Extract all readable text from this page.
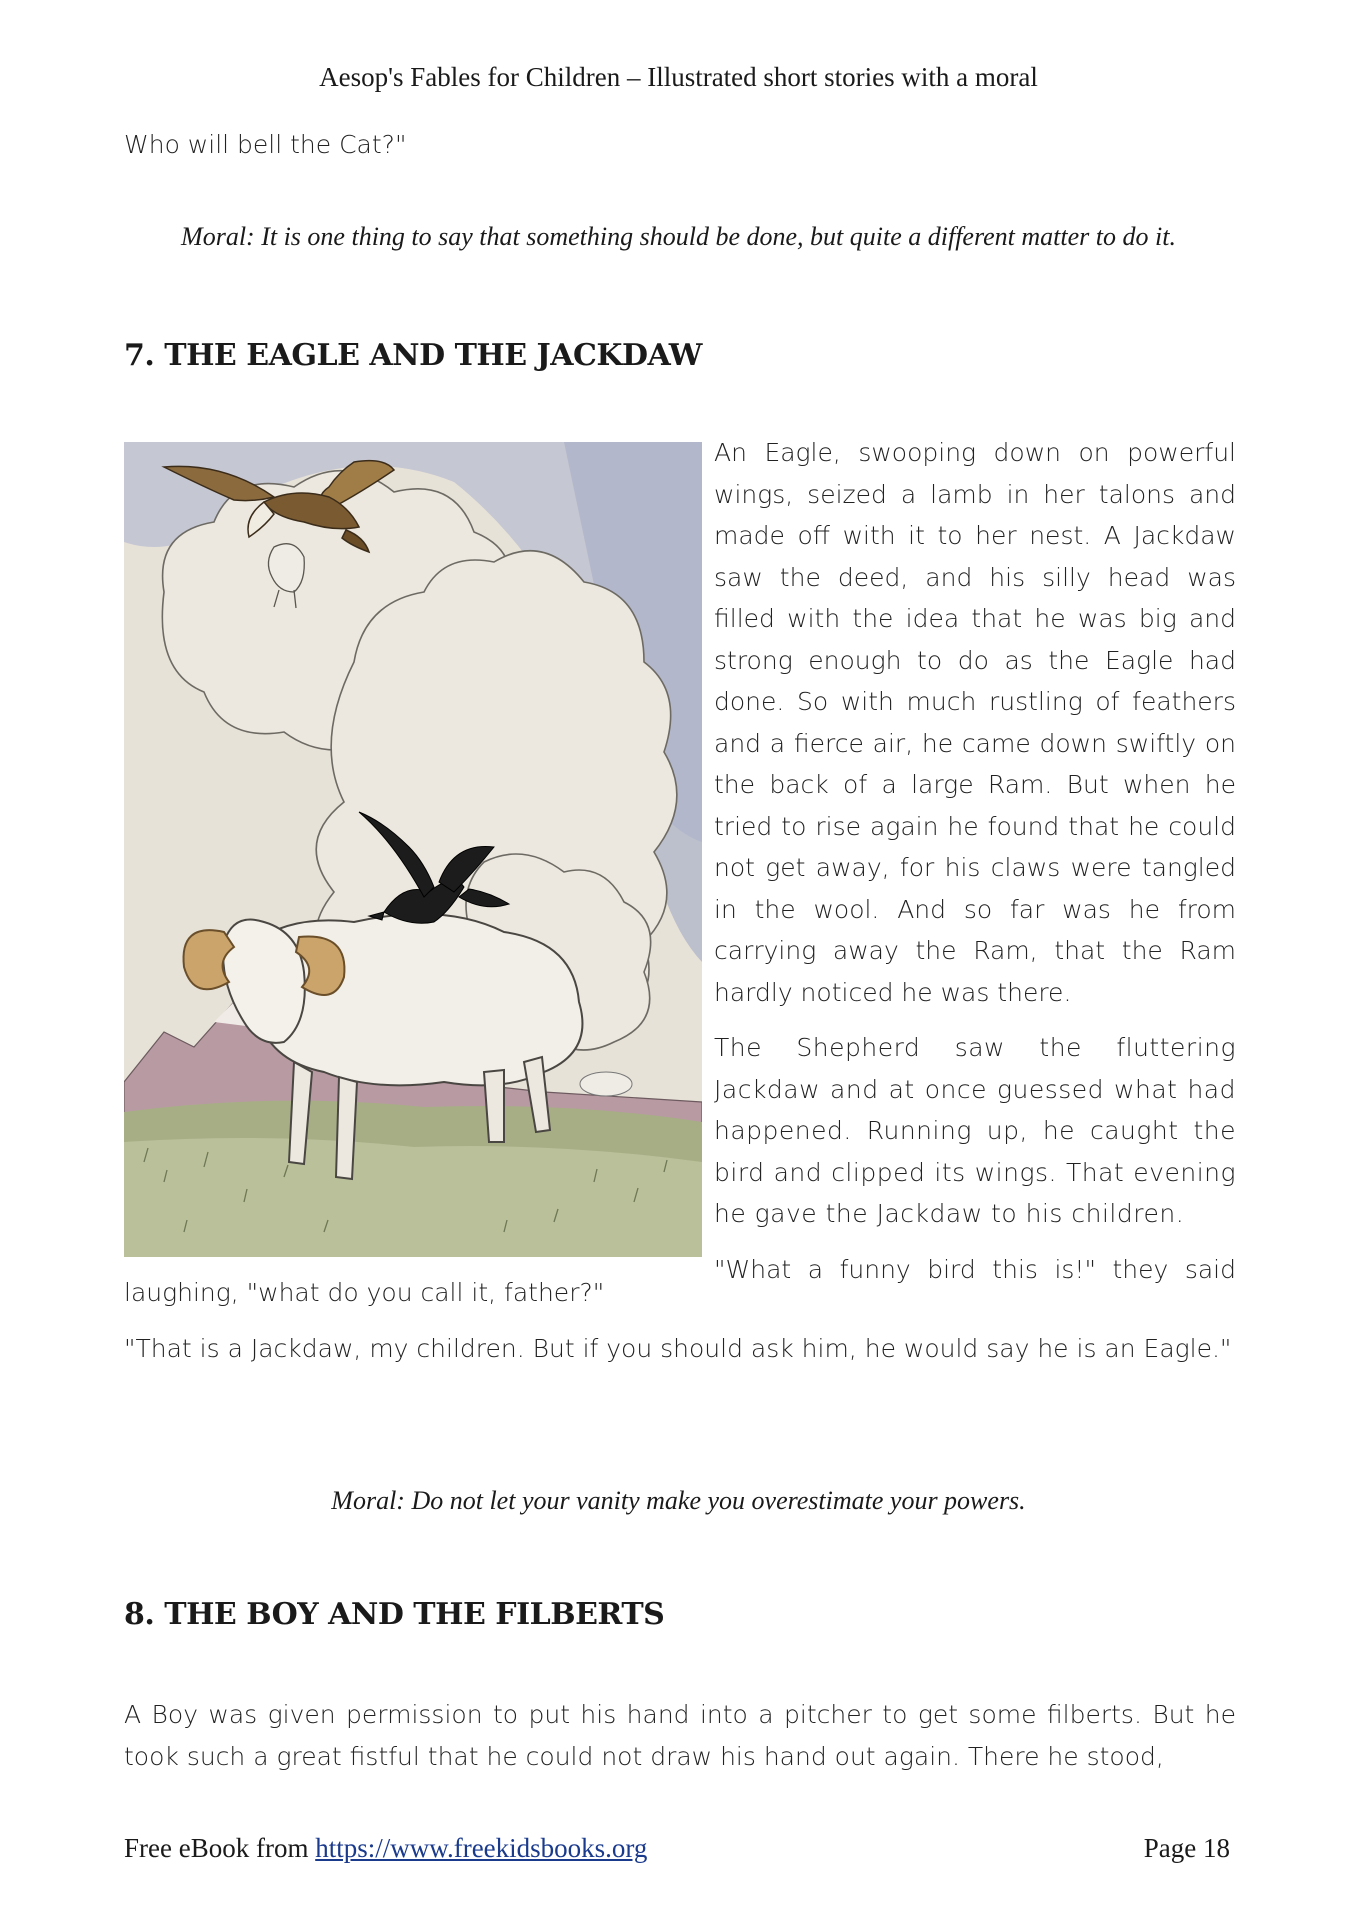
Aesop's Fables for Children – Illustrated short stories with a moral
Who will bell the Cat?"
Moral: It is one thing to say that something should be done, but quite a different matter to do it.
7. THE EAGLE AND THE JACKDAW

An Eagle, swooping down on powerful wings, seized a lamb in her talons and made off with it to her nest. A Jackdaw saw the deed, and his silly head was filled with the idea that he was big and strong enough to do as the Eagle had done. So with much rustling of feathers and a fierce air, he came down swiftly on the back of a large Ram. But when he tried to rise again he found that he could not get away, for his claws were tangled in the wool. And so far was he from carrying away the Ram, that the Ram hardly noticed he was there.

The Shepherd saw the fluttering Jackdaw and at once guessed what had happened. Running up, he caught the bird and clipped its wings. That evening he gave the Jackdaw to his children.

"What a funny bird this is!" they said

laughing, "what do you call it, father?"
"That is a Jackdaw, my children. But if you should ask him, he would say he is an Eagle."
Moral: Do not let your vanity make you overestimate your powers.
8. THE BOY AND THE FILBERTS
A Boy was given permission to put his hand into a pitcher to get some filberts. But he took such a great fistful that he could not draw his hand out again. There he stood,
Free eBook from https://www.freekidsbooks.org	Page 18
